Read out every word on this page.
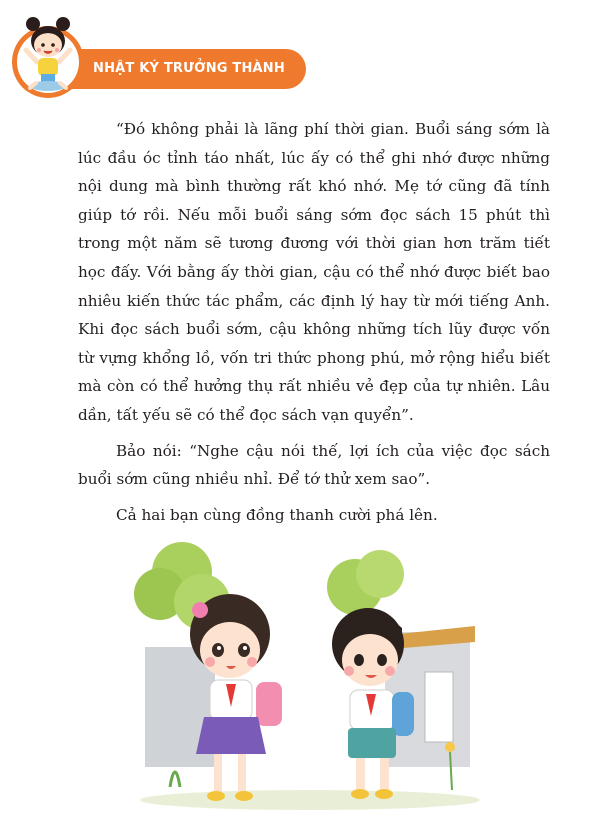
NHẬT KÝ TRƯỞNG THÀNH

“Đó không phải là lãng phí thời gian. Buổi sáng sớm là lúc đầu óc tỉnh táo nhất, lúc ấy có thể ghi nhớ được những nội dung mà bình thường rất khó nhớ. Mẹ tớ cũng đã tính giúp tớ rồi. Nếu mỗi buổi sáng sớm đọc sách 15 phút thì trong một năm sẽ tương đương với thời gian hơn trăm tiết học đấy. Với bằng ấy thời gian, cậu có thể nhớ được biết bao nhiêu kiến thức tác phẩm, các định lý hay từ mới tiếng Anh. Khi đọc sách buổi sớm, cậu không những tích lũy được vốn từ vựng khổng lồ, vốn tri thức phong phú, mở rộng hiểu biết mà còn có thể hưởng thụ rất nhiều vẻ đẹp của tự nhiên. Lâu dần, tất yếu sẽ có thể đọc sách vạn quyển”.

Bảo nói: “Nghe cậu nói thế, lợi ích của việc đọc sách buổi sớm cũng nhiều nhỉ. Để tớ thử xem sao”.

Cả hai bạn cùng đồng thanh cười phá lên.
